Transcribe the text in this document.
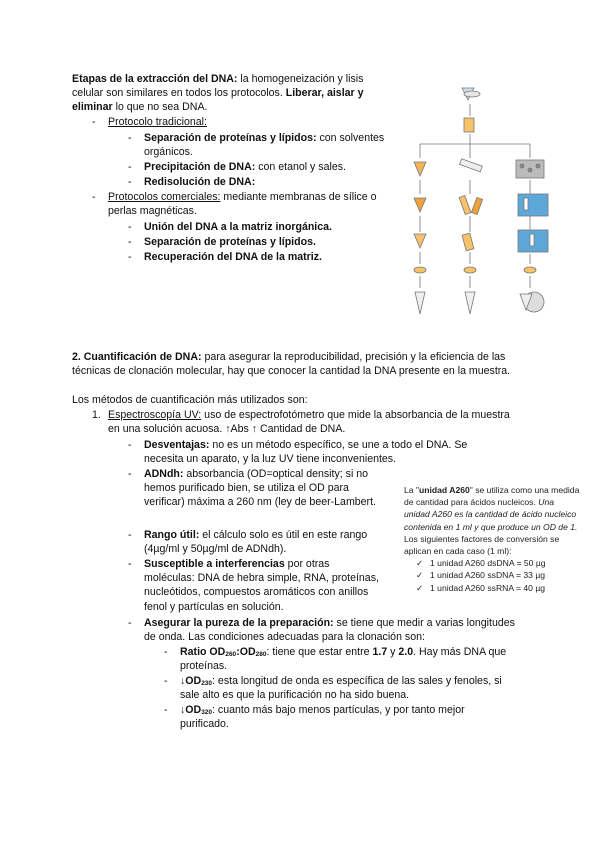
Etapas de la extracción del DNA: la homogeneización y lisis celular son similares en todos los protocolos. Liberar, aislar y eliminar lo que no sea DNA.
- Protocolo tradicional:
- Separación de proteínas y lípidos: con solventes orgánicos.
- Precipitación de DNA: con etanol y sales.
- Redisolución de DNA:
- Protocolos comerciales: mediante membranas de sílice o perlas magnéticas.
- Unión del DNA a la matriz inorgánica.
- Separación de proteínas y lípidos.
- Recuperación del DNA de la matriz.
2. Cuantificación de DNA: para asegurar la reproducibilidad, precisión y la eficiencia de las técnicas de clonación molecular, hay que conocer la cantidad la DNA presente en la muestra.
Los métodos de cuantificación más utilizados son:
1. Espectroscopía UV: uso de espectrofotómetro que mide la absorbancia de la muestra en una solución acuosa. ↑Abs ↑ Cantidad de DNA.
- Desventajas: no es un método específico, se une a todo el DNA. Se necesita un aparato, y la luz UV tiene inconvenientes.
- ADNdh: absorbancia (OD=optical density; si no hemos purificado bien, se utiliza el OD para verificar) máxima a 260 nm (ley de beer-Lambert.
- Rango útil: el cálculo solo es útil en este rango (4µg/ml y 50µg/ml de ADNdh).
- Susceptible a interferencias por otras moléculas: DNA de hebra simple, RNA, proteínas, nucleótidos, compuestos aromáticos con anillos fenol y partículas en solución.
- Asegurar la pureza de la preparación: se tiene que medir a varias longitudes de onda. Las condiciones adecuadas para la clonación son:
- Ratio $OD_{260}:OD_{280}$: tiene que estar entre 1.7 y 2.0. Hay más DNA que proteínas.
- $↓OD_{230}$: esta longitud de onda es específica de las sales y fenoles, si sale alto es que la purificación no ha sido buena.
- $↓OD_{320}$: cuanto más bajo menos partículas, y por tanto mejor purificado.
La "unidad A260" se utiliza como una medida de cantidad para ácidos nucleicos. Una unidad A260 es la cantidad de ácido nucleico contenida en 1 ml y que produce un OD de 1. Los siguientes factores de conversión se aplican en cada caso (1 ml):
✓ 1 unidad A260 dsDNA = 50 µg
✓ 1 unidad A260 ssDNA = 33 µg
✓ 1 unidad A260 ssRNA = 40 µg
